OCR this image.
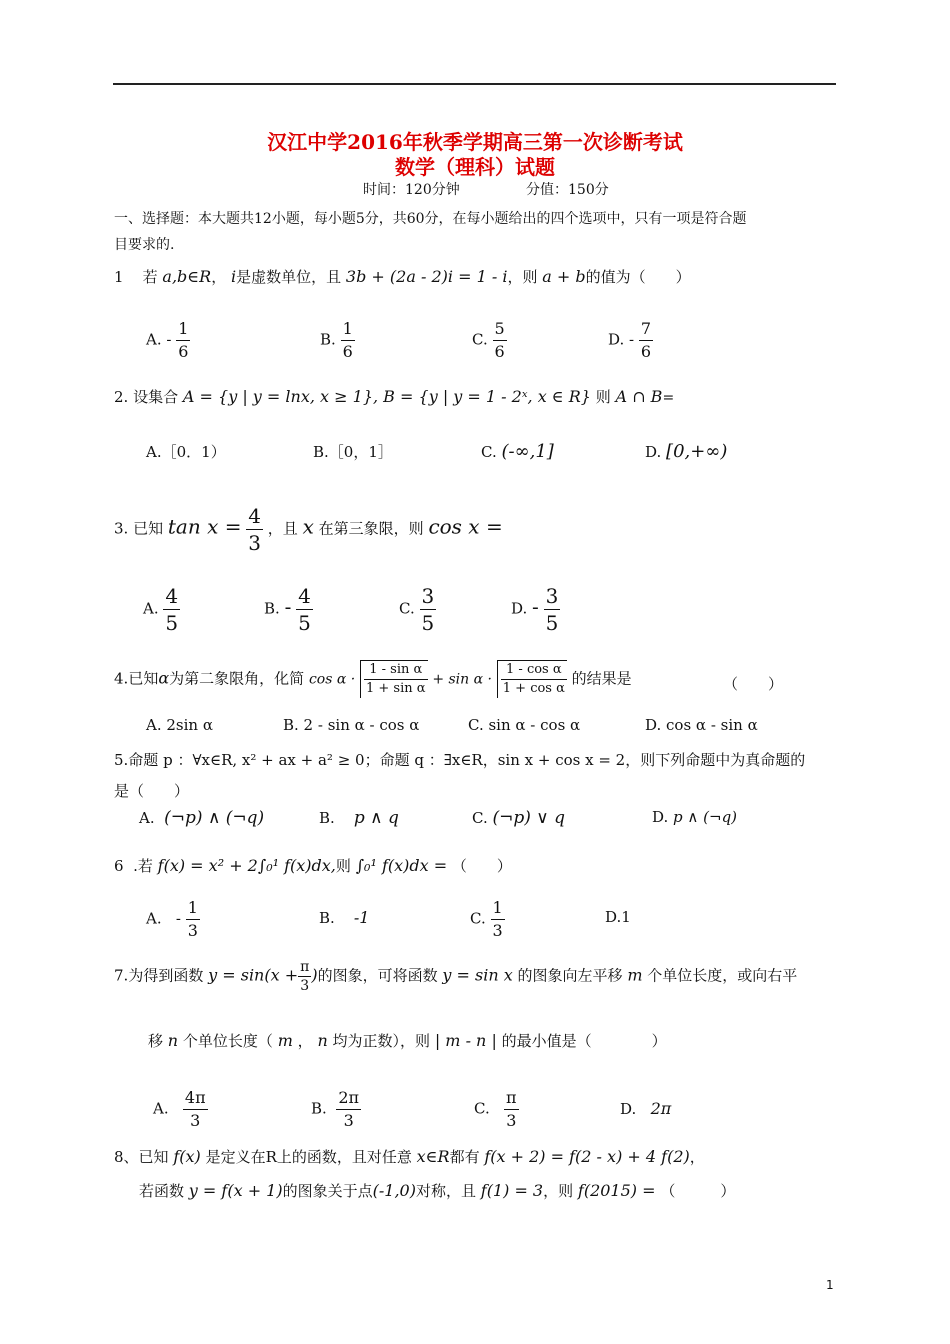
汉江中学2016年秋季学期高三第一次诊断考试
数学（理科）试题
时间：120分钟	分值：150分
一、选择题：本大题共12小题，每小题5分，共60分，在每小题给出的四个选项中，只有一项是符合题
目要求的.
1 若 a,b∈R， i是虚数单位，且 3b + (2a - 2)i = 1 - i，则 a + b的值为（　　）
A. - $\frac{1}{6}$	B. $\frac{1}{6}$	C. $\frac{5}{6}$	D. - $\frac{7}{6}$
2. 设集合 A = {y | y = lnx, x ≥ 1}, B = {y | y = 1 - 2ˣ, x ∈ R} 则 A ∩ B=
A.［0．1）	B.［0，1］	C. (-∞,1]	D. [0,+∞)
3. 已知 $\tan x = \frac{4}{3}$ ，且 x 在第三象限，则 cos x =
A. $\frac{4}{5}$	B. - $\frac{4}{5}$	C. $\frac{3}{5}$	D. - $\frac{3}{5}$
4.已知α为第二象限角，化简 $\cos \alpha \cdot \frac{\text{1 - sin α}}{\text{1 + sin α}} + \sin \alpha \cdot \frac{\text{1 - cos α}}{\text{1 + cos α}}$ 的结果是	（　　）
A. 2sin α	B. 2 - sin α - cos α	C. sin α - cos α	D. cos α - sin α
5.命题 p ：∀x∈R, x² + ax + a² ≥ 0；命题 q ：∃x∈R，sin x + cos x = 2，则下列命题中为真命题的
是（　　）
A. (¬p) ∧ (¬q)	B. p ∧ q	C. (¬p) ∨ q	D. p ∧ (¬q)
6 .若 f(x) = x² + 2∫₀¹ f(x)dx,则 ∫₀¹ f(x)dx = （　　）
A. - $\frac{1}{3}$	B. -1	C. $\frac{1}{3}$	D.1
7.为得到函数 $y = \sin(x + \frac{\pi}{3}$ )的图象，可将函数 y = sin x 的图象向左平移 m 个单位长度，或向右平
移 n 个单位长度（ m ， n 均为正数），则 | m - n | 的最小值是（　　　　）
A. $\frac{4\pi}{3}$	B. $\frac{2\pi}{3}$	C. $\frac{\pi}{3}$	D. 2π
8、已知 f(x) 是定义在R上的函数，且对任意 x∈R都有 f(x + 2) = f(2 - x) + 4 f(2)，
若函数 y = f(x + 1)的图象关于点(-1,0)对称，且 f(1) = 3，则 f(2015) = （　　　）
1
